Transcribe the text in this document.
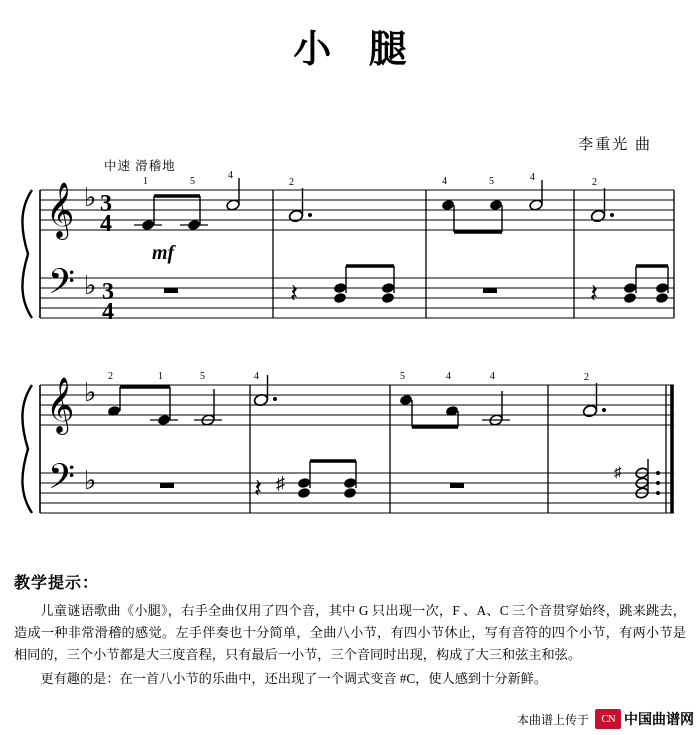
小 腿
李重光 曲
中速 滑稽地
mf
𝄞
𝄢
♭
♭
3
4
3
4
1	5
4
2
𝄽
4	5	4	2
𝄽
𝄞
𝄢
♭
♭
2	1	5	4
𝄽 ♯
5	4	4	2
♯
教学提示：

儿童谜语歌曲《小腿》，右手全曲仅用了四个音，其中 G 只出现一次，F 、A、C 三个音贯穿始终，跳来跳去，造成一种非常滑稽的感觉。左手伴奏也十分简单，全曲八小节，有四小节休止，写有音符的四个小节，有两小节是相同的，三个小节都是大三度音程，只有最后一小节，三个音同时出现，构成了大三和弦主和弦。

更有趣的是：在一首八小节的乐曲中，还出现了一个调式变音 #C，使人感到十分新鲜。

本曲谱上传于	CN 中国曲谱网
